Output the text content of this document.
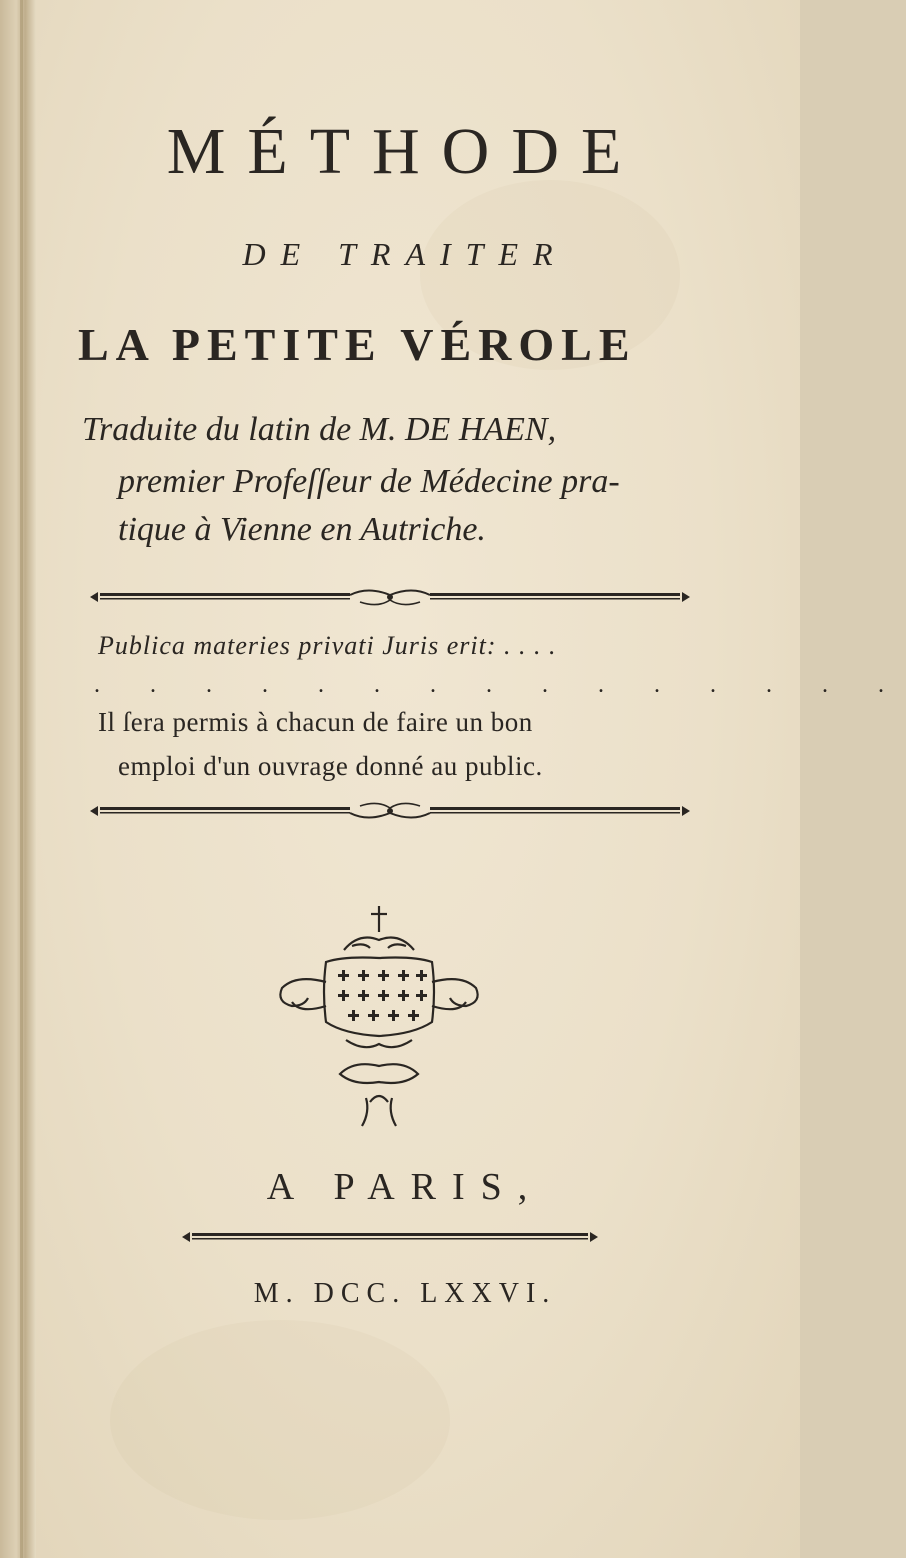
MÉTHODE
DE TRAITER
LA PETITE VÉROLE
Traduite du latin de M. DE HAEN,
premier Profeſſeur de Médecine pra-
tique à Vienne en Autriche.
Publica materies privati Juris erit: . . . .
. . . . . . . . . . . . . . .
Il ſera permis à chacun de faire un bon
emploi d'un ouvrage donné au public.
A PARIS,
M. DCC. LXXVI.
